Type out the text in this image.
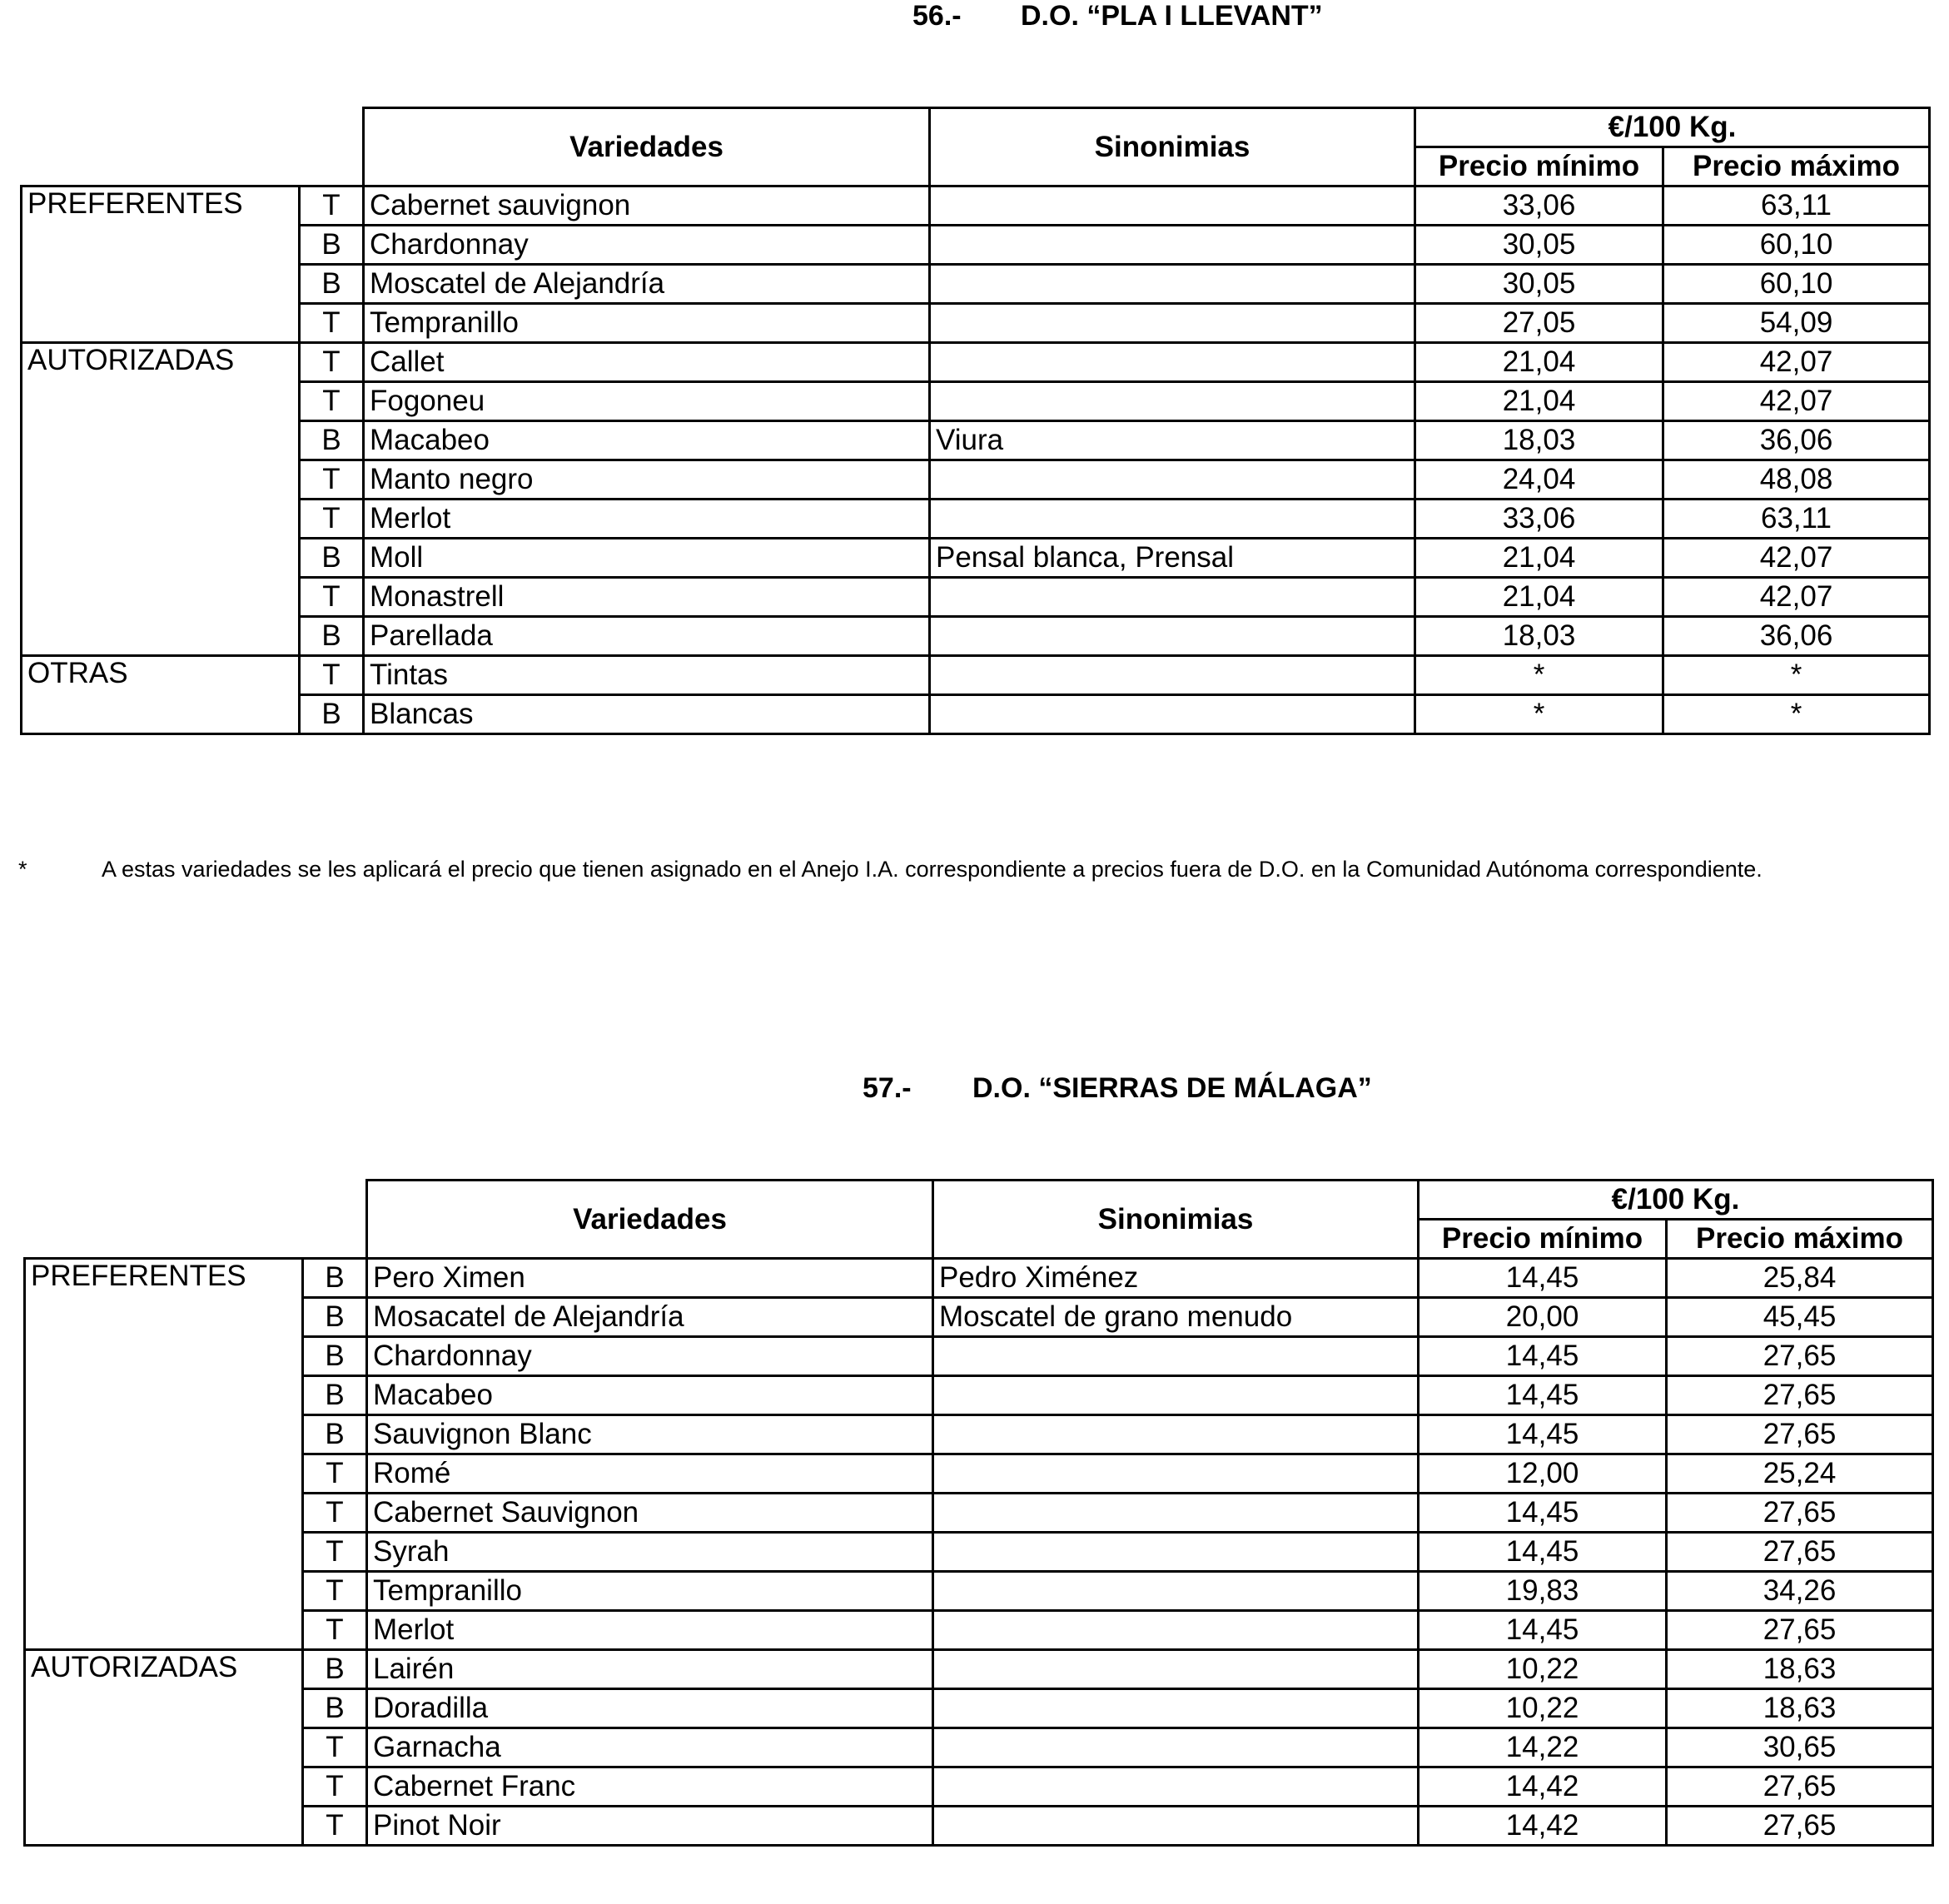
56.- D.O. “PLA I LLEVANT”
		Variedades	Sinonimias	€/100 Kg.	
				Precio mínimo	Precio máximo
PREFERENTES	T	Cabernet sauvignon		33,06	63,11
	B	Chardonnay		30,05	60,10
	B	Moscatel de Alejandría		30,05	60,10
	T	Tempranillo		27,05	54,09
AUTORIZADAS	T	Callet		21,04	42,07
	T	Fogoneu		21,04	42,07
	B	Macabeo	Viura	18,03	36,06
	T	Manto negro		24,04	48,08
	T	Merlot		33,06	63,11
	B	Moll	Pensal blanca, Prensal	21,04	42,07
	T	Monastrell		21,04	42,07
	B	Parellada		18,03	36,06
OTRAS	T	Tintas		*	*
	B	Blancas		*	*
*	A estas variedades se les aplicará el precio que tienen asignado en el Anejo I.A. correspondiente a precios fuera de D.O. en la Comunidad Autónoma correspondiente.
57.- D.O. “SIERRAS DE MÁLAGA”
		Variedades	Sinonimias	€/100 Kg.	
				Precio mínimo	Precio máximo
PREFERENTES	B	Pero Ximen	Pedro Ximénez	14,45	25,84
	B	Mosacatel de Alejandría	Moscatel de grano menudo	20,00	45,45
	B	Chardonnay		14,45	27,65
	B	Macabeo		14,45	27,65
	B	Sauvignon Blanc		14,45	27,65
	T	Romé		12,00	25,24
	T	Cabernet Sauvignon		14,45	27,65
	T	Syrah		14,45	27,65
	T	Tempranillo		19,83	34,26
	T	Merlot		14,45	27,65
AUTORIZADAS	B	Lairén		10,22	18,63
	B	Doradilla		10,22	18,63
	T	Garnacha		14,22	30,65
	T	Cabernet Franc		14,42	27,65
	T	Pinot Noir		14,42	27,65
